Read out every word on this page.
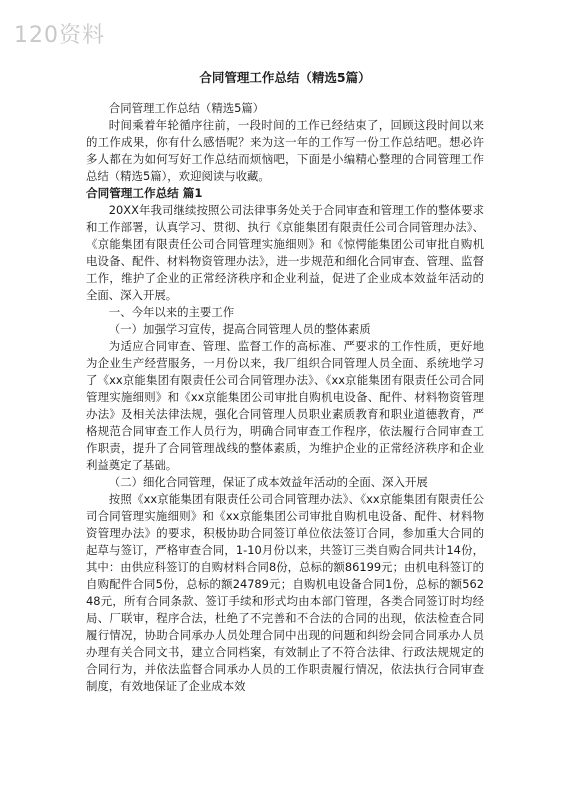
120资料

合同管理工作总结（精选5篇）

合同管理工作总结（精选5篇）

时间乘着年轮循序往前，一段时间的工作已经结束了，回顾这段时间以来的工作成果，你有什么感悟呢？来为这一年的工作写一份工作总结吧。想必许多人都在为如何写好工作总结而烦恼吧，下面是小编精心整理的合同管理工作总结（精选5篇），欢迎阅读与收藏。

合同管理工作总结 篇1

20XX年我司继续按照公司法律事务处关于合同审查和管理工作的整体要求和工作部署，认真学习、贯彻、执行《京能集团有限责任公司合同管理办法》、《京能集团有限责任公司合同管理实施细则》和《惊愕能集团公司审批自购机电设备、配件、材料物资管理办法》，进一步规范和细化合同审查、管理、监督工作，维护了企业的正常经济秩序和企业利益，促进了企业成本效益年活动的全面、深入开展。

一、今年以来的主要工作

（一）加强学习宣传，提高合同管理人员的整体素质

为适应合同审查、管理、监督工作的高标准、严要求的工作性质，更好地为企业生产经营服务，一月份以来，我厂组织合同管理人员全面、系统地学习了《xx京能集团有限责任公司合同管理办法》、《xx京能集团有限责任公司合同管理实施细则》和《xx京能集团公司审批自购机电设备、配件、材料物资管理办法》及相关法律法规，强化合同管理人员职业素质教育和职业道德教育，严格规范合同审查工作人员行为，明确合同审查工作程序，依法履行合同审查工作职责，提升了合同管理战线的整体素质，为维护企业的正常经济秩序和企业利益奠定了基础。

（二）细化合同管理，保证了成本效益年活动的全面、深入开展

按照《xx京能集团有限责任公司合同管理办法》、《xx京能集团有限责任公司合同管理实施细则》和《xx京能集团公司审批自购机电设备、配件、材料物资管理办法》的要求，积极协助合同签订单位依法签订合同，参加重大合同的起草与签订，严格审查合同，1-10月份以来，共签订三类自购合同共计14份，其中：由供应科签订的自购材料合同8份，总标的额86199元；由机电科签订的自购配件合同5份，总标的额24789元；自购机电设备合同1份，总标的额56248元，所有合同条款、签订手续和形式均由本部门管理，各类合同签订时均经局、厂联审，程序合法，杜绝了不完善和不合法的合同的出现，依法检查合同履行情况，协助合同承办人员处理合同中出现的问题和纠纷会同合同承办人员办理有关合同文书，建立合同档案，有效制止了不符合法律、行政法规规定的合同行为，并依法监督合同承办人员的工作职责履行情况，依法执行合同审查制度，有效地保证了企业成本效
